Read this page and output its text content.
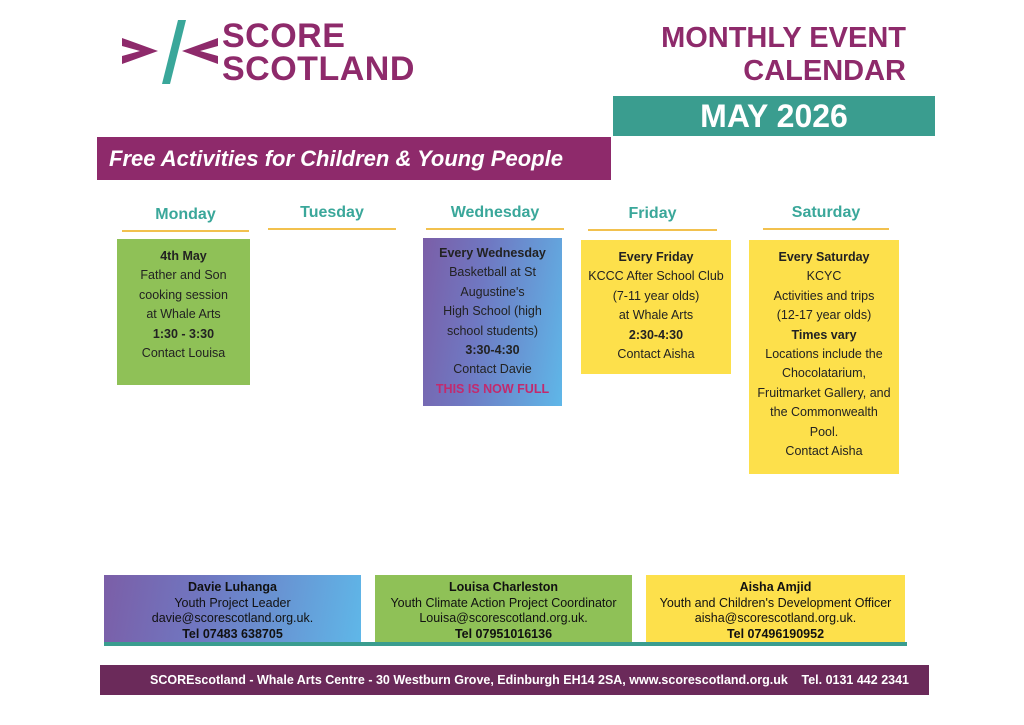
SCORE
SCOTLAND
MONTHLY EVENT
CALENDAR
MAY 2026
Free Activities for Children & Young People
Monday	Tuesday	Wednesday	Friday	Saturday
4th May
Father and Son
cooking session
at Whale Arts
1:30 - 3:30
Contact Louisa
Every Wednesday
Basketball at St
Augustine's
High School (high
school students)
3:30-4:30
Contact Davie
THIS IS NOW FULL
Every Friday
KCCC After School Club
(7-11 year olds)
at Whale Arts
2:30-4:30
Contact Aisha
Every Saturday
KCYC
Activities and trips
(12-17 year olds)
Times vary
Locations include the
Chocolatarium,
Fruitmarket Gallery, and
the Commonwealth
Pool.
Contact Aisha
Davie Luhanga
Youth Project Leader
davie@scorescotland.org.uk.
Tel 07483 638705
Louisa Charleston
Youth Climate Action Project Coordinator
Louisa@scorescotland.org.uk.
Tel 07951016136
Aisha Amjid
Youth and Children's Development Officer
aisha@scorescotland.org.uk.
Tel 07496190952
SCOREscotland - Whale Arts Centre - 30 Westburn Grove, Edinburgh EH14 2SA, www.scorescotland.org.uk Tel. 0131 442 2341
